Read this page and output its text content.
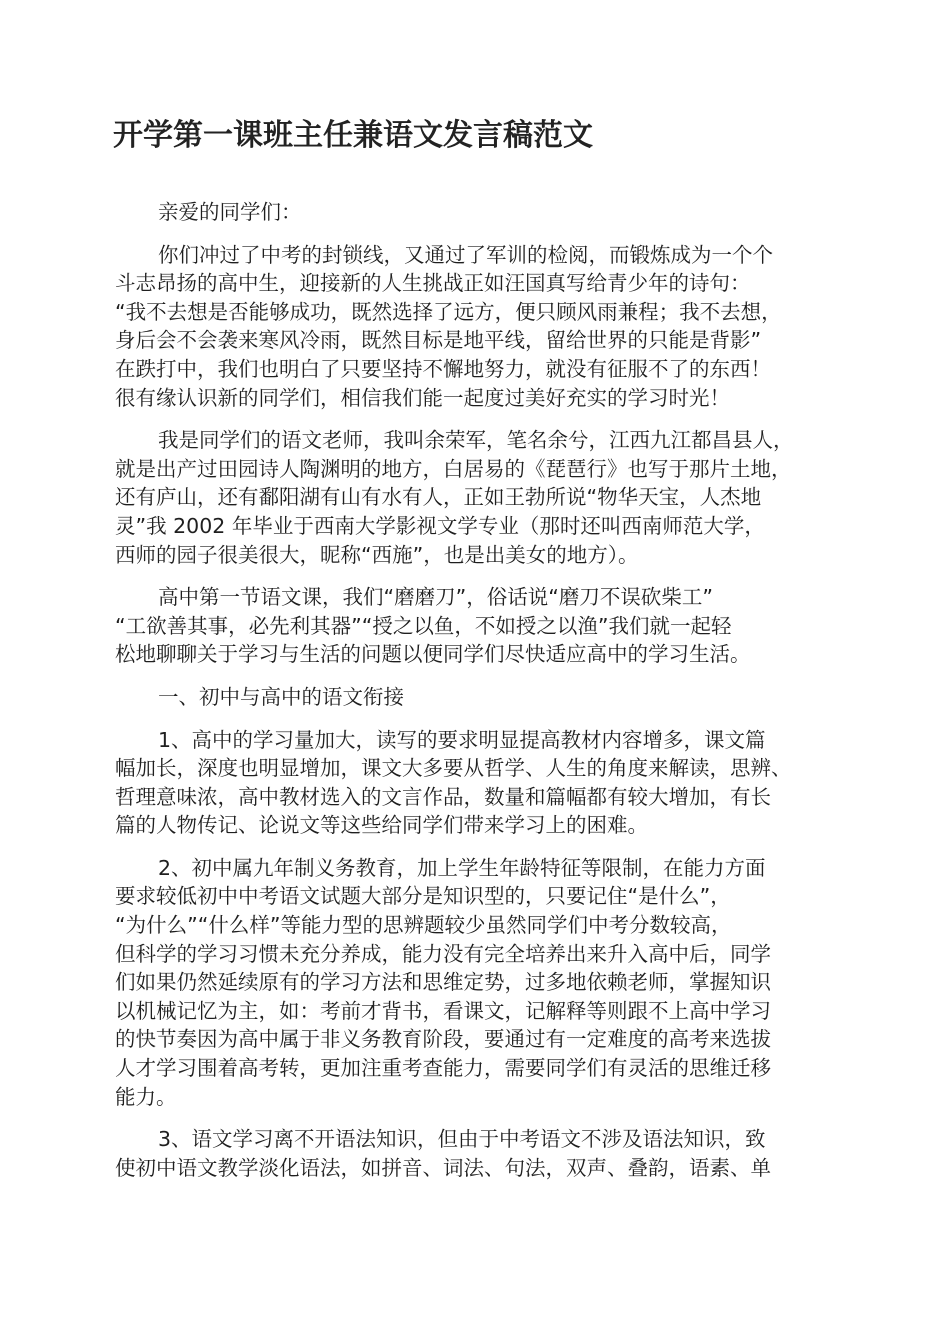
开学第一课班主任兼语文发言稿范文

亲爱的同学们：

你们冲过了中考的封锁线，又通过了军训的检阅，而锻炼成为一个个
斗志昂扬的高中生，迎接新的人生挑战正如汪国真写给青少年的诗句：
“我不去想是否能够成功，既然选择了远方，便只顾风雨兼程；我不去想，
身后会不会袭来寒风冷雨，既然目标是地平线，留给世界的只能是背影”
在跌打中，我们也明白了只要坚持不懈地努力，就没有征服不了的东西！
很有缘认识新的同学们，相信我们能一起度过美好充实的学习时光！

我是同学们的语文老师，我叫余荣军，笔名余兮，江西九江都昌县人，
就是出产过田园诗人陶渊明的地方，白居易的《琵琶行》也写于那片土地，
还有庐山，还有鄱阳湖有山有水有人，正如王勃所说“物华天宝，人杰地
灵”我 2002 年毕业于西南大学影视文学专业（那时还叫西南师范大学，
西师的园子很美很大，昵称“西施”，也是出美女的地方）。

高中第一节语文课，我们“磨磨刀”，俗话说“磨刀不误砍柴工”
“工欲善其事，必先利其器”“授之以鱼，不如授之以渔”我们就一起轻
松地聊聊关于学习与生活的问题以便同学们尽快适应高中的学习生活。

一、初中与高中的语文衔接

1、高中的学习量加大，读写的要求明显提高教材内容增多，课文篇
幅加长，深度也明显增加，课文大多要从哲学、人生的角度来解读，思辨、
哲理意味浓，高中教材选入的文言作品，数量和篇幅都有较大增加，有长
篇的人物传记、论说文等这些给同学们带来学习上的困难。

2、初中属九年制义务教育，加上学生年龄特征等限制，在能力方面
要求较低初中中考语文试题大部分是知识型的，只要记住“是什么”，
“为什么”“什么样”等能力型的思辨题较少虽然同学们中考分数较高，
但科学的学习习惯未充分养成，能力没有完全培养出来升入高中后，同学
们如果仍然延续原有的学习方法和思维定势，过多地依赖老师，掌握知识
以机械记忆为主，如：考前才背书，看课文，记解释等则跟不上高中学习
的快节奏因为高中属于非义务教育阶段，要通过有一定难度的高考来选拔
人才学习围着高考转，更加注重考查能力，需要同学们有灵活的思维迁移
能力。

3、语文学习离不开语法知识，但由于中考语文不涉及语法知识，致
使初中语文教学淡化语法，如拼音、词法、句法，双声、叠韵，语素、单
